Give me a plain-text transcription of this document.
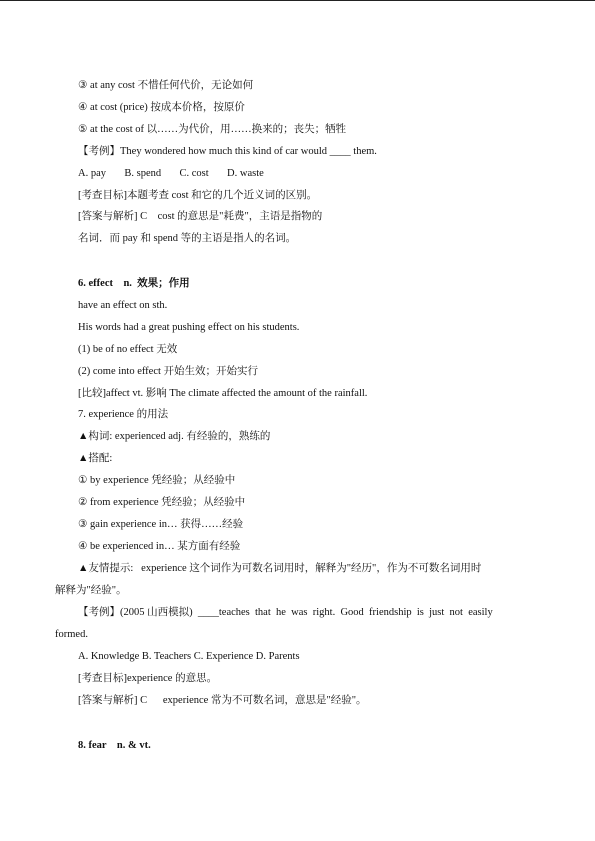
③ at any cost 不惜任何代价，无论如何
④ at cost (price) 按成本价格，按原价
⑤ at the cost of 以……为代价，用……换来的；丧失；牺牲
【考例】They wondered how much this kind of car would ____ them.
A. pay       B. spend       C. cost       D. waste
[考查目标]本题考查 cost 和它的几个近义词的区别。
[答案与解析] C    cost 的意思是"耗费"，主语是指物的
名词．而 pay 和 spend 等的主语是指人的名词。
6. effect    n.  效果；作用
have an effect on sth.
His words had a great pushing effect on his students.
(1) be of no effect 无效
(2) come into effect 开始生效；开始实行
[比较]affect vt. 影响 The climate affected the amount of the rainfall.
7. experience 的用法
▲构词: experienced adj. 有经验的，熟练的
▲搭配:
① by experience 凭经验；从经验中
② from experience 凭经验；从经验中
③ gain experience in… 获得……经验
④ be experienced in… 某方面有经验
▲友情提示:   experience 这个词作为可数名词用时，解释为"经历"，作为不可数名词用时
解释为"经验"。
【考例】(2005 山西模拟)  ____teaches  that  he  was  right.  Good  friendship  is  just  not  easily
formed.
A. Knowledge B. Teachers C. Experience D. Parents
[考查目标]experience 的意思。
[答案与解析] C      experience 常为不可数名词，意思是"经验"。
8. fear    n. & vt.
